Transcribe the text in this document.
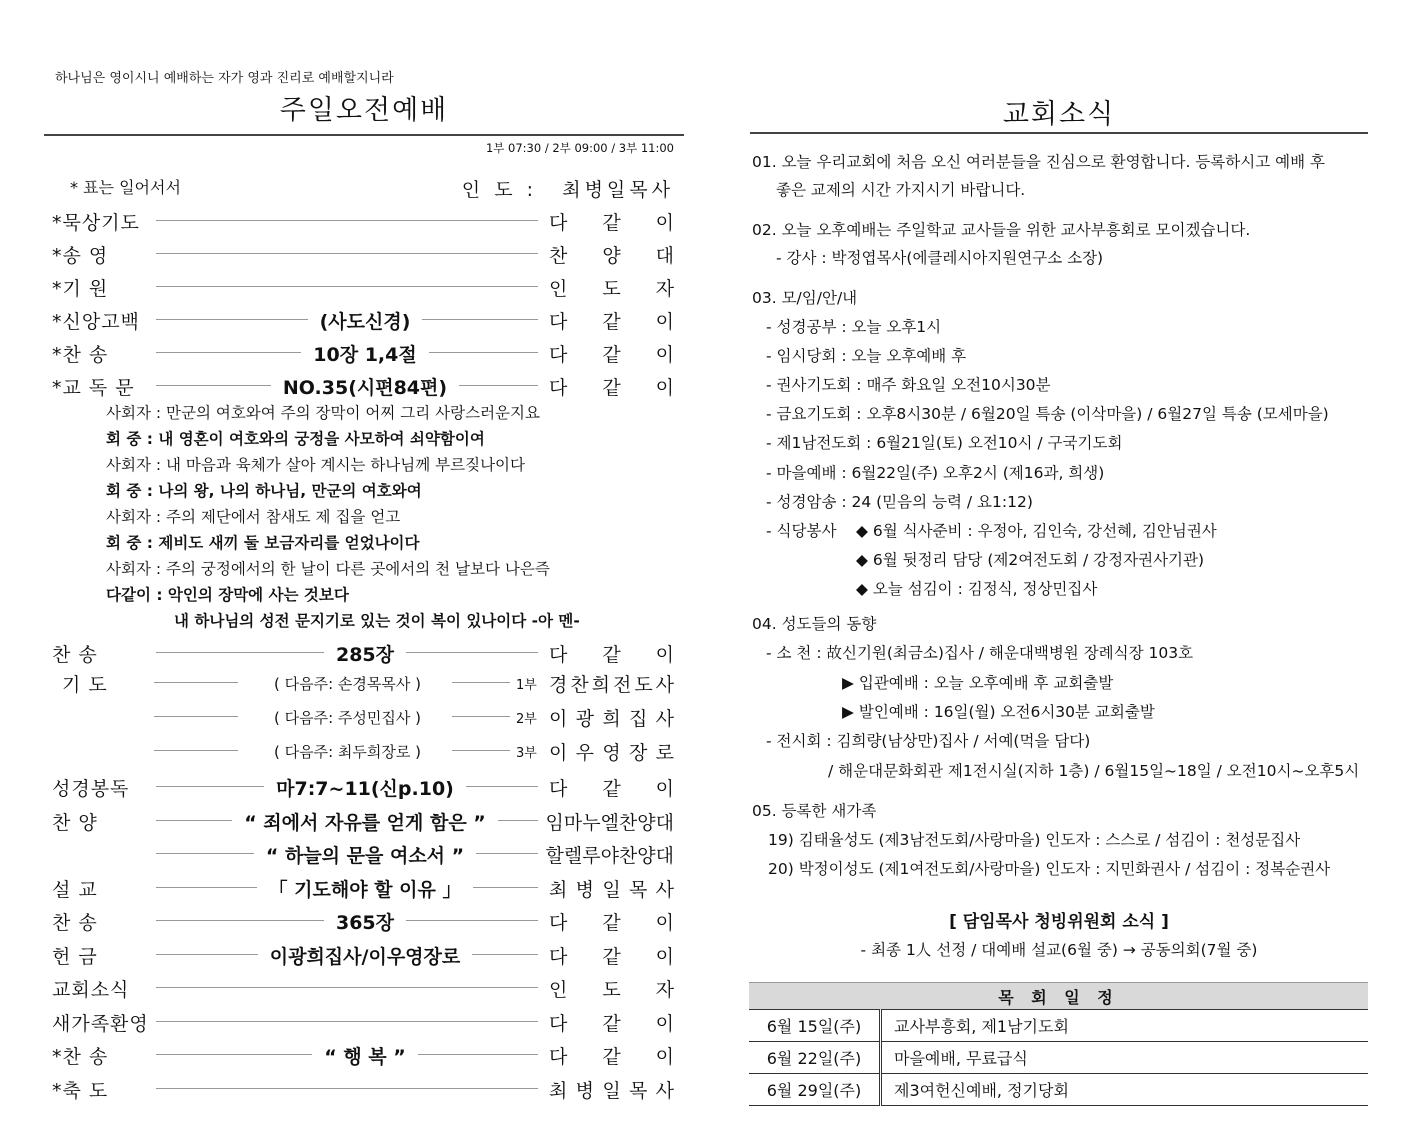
하나님은 영이시니 예배하는 자가 영과 진리로 예배할지니라
주일오전예배
1부 07:30 / 2부 09:00 / 3부 11:00
* 표는 일어서서	인 도 : 최병일목사
*묵상기도	다 같 이
*송 영	찬 양 대
*기 원	인 도 자
*신앙고백	(사도신경)	다 같 이
*찬 송	10장 1,4절	다 같 이
*교 독 문	NO.35(시편84편)	다 같 이
사회자 : 만군의 여호와여 주의 장막이 어찌 그리 사랑스러운지요
회 중 : 내 영혼이 여호와의 궁정을 사모하여 쇠약함이여
사회자 : 내 마음과 육체가 살아 계시는 하나님께 부르짖나이다
회 중 : 나의 왕, 나의 하나님, 만군의 여호와여
사회자 : 주의 제단에서 참새도 제 집을 얻고
회 중 : 제비도 새끼 둘 보금자리를 얻었나이다
사회자 : 주의 궁정에서의 한 날이 다른 곳에서의 천 날보다 나은즉
다같이 : 악인의 장막에 사는 것보다
내 하나님의 성전 문지기로 있는 것이 복이 있나이다 -아 멘-
찬 송	285장	다 같 이
기 도	( 다음주: 손경목목사 )	1부 경 찬 희 전 도 사
( 다음주: 주성민집사 )	2부 이 광 희 집 사
( 다음주: 최두희장로 )	3부 이 우 영 장 로
성경봉독	마7:7~11(신p.10)	다 같 이
찬 양	“ 죄에서 자유를 얻게 함은 ”	임마누엘찬양대
“ 하늘의 문을 여소서 ”	할렐루야찬양대
설 교	「 기도해야 할 이유 」	최 병 일 목 사
찬 송	365장	다 같 이
헌 금	이광희집사/이우영장로	다 같 이
교회소식	인 도 자
새가족환영	다 같 이
*찬 송	“ 행 복 ”	다 같 이
*축 도	최 병 일 목 사
교회소식
01. 오늘 우리교회에 처음 오신 여러분들을 진심으로 환영합니다. 등록하시고 예배 후
좋은 교제의 시간 가지시기 바랍니다.
02. 오늘 오후예배는 주일학교 교사들을 위한 교사부흥회로 모이겠습니다.
- 강사 : 박정엽목사(에클레시아지원연구소 소장)
03. 모/임/안/내
- 성경공부 : 오늘 오후1시
- 임시당회 : 오늘 오후예배 후
- 권사기도회 : 매주 화요일 오전10시30분
- 금요기도회 : 오후8시30분 / 6월20일 특송 (이삭마을) / 6월27일 특송 (모세마을)
- 제1남전도회 : 6월21일(토) 오전10시 / 구국기도회
- 마을예배 : 6월22일(주) 오후2시 (제16과, 희생)
- 성경암송 : 24 (믿음의 능력 / 요1:12)
- 식당봉사 ◆ 6월 식사준비 : 우정아, 김인숙, 강선혜, 김안님권사
◆ 6월 뒷정리 담당 (제2여전도회 / 강정자권사기관)
◆ 오늘 섬김이 : 김정식, 정상민집사
04. 성도들의 동향
- 소 천 : 故신기원(최금소)집사 / 해운대백병원 장례식장 103호
▶ 입관예배 : 오늘 오후예배 후 교회출발
▶ 발인예배 : 16일(월) 오전6시30분 교회출발
- 전시회 : 김희량(남상만)집사 / 서예(먹을 담다)
/ 해운대문화회관 제1전시실(지하 1층) / 6월15일~18일 / 오전10시~오후5시
05. 등록한 새가족
19) 김태율성도 (제3남전도회/사랑마을) 인도자 : 스스로 / 섬김이 : 천성문집사
20) 박정이성도 (제1여전도회/사랑마을) 인도자 : 지민화권사 / 섬김이 : 정복순권사
[ 담임목사 청빙위원회 소식 ]
- 최종 1人 선정 / 대예배 설교(6월 중) → 공동의회(7월 중)
목 회 일 정	
6월 15일(주)	교사부흥회, 제1남기도회
6월 22일(주)	마을예배, 무료급식
6월 29일(주)	제3여헌신예배, 정기당회
